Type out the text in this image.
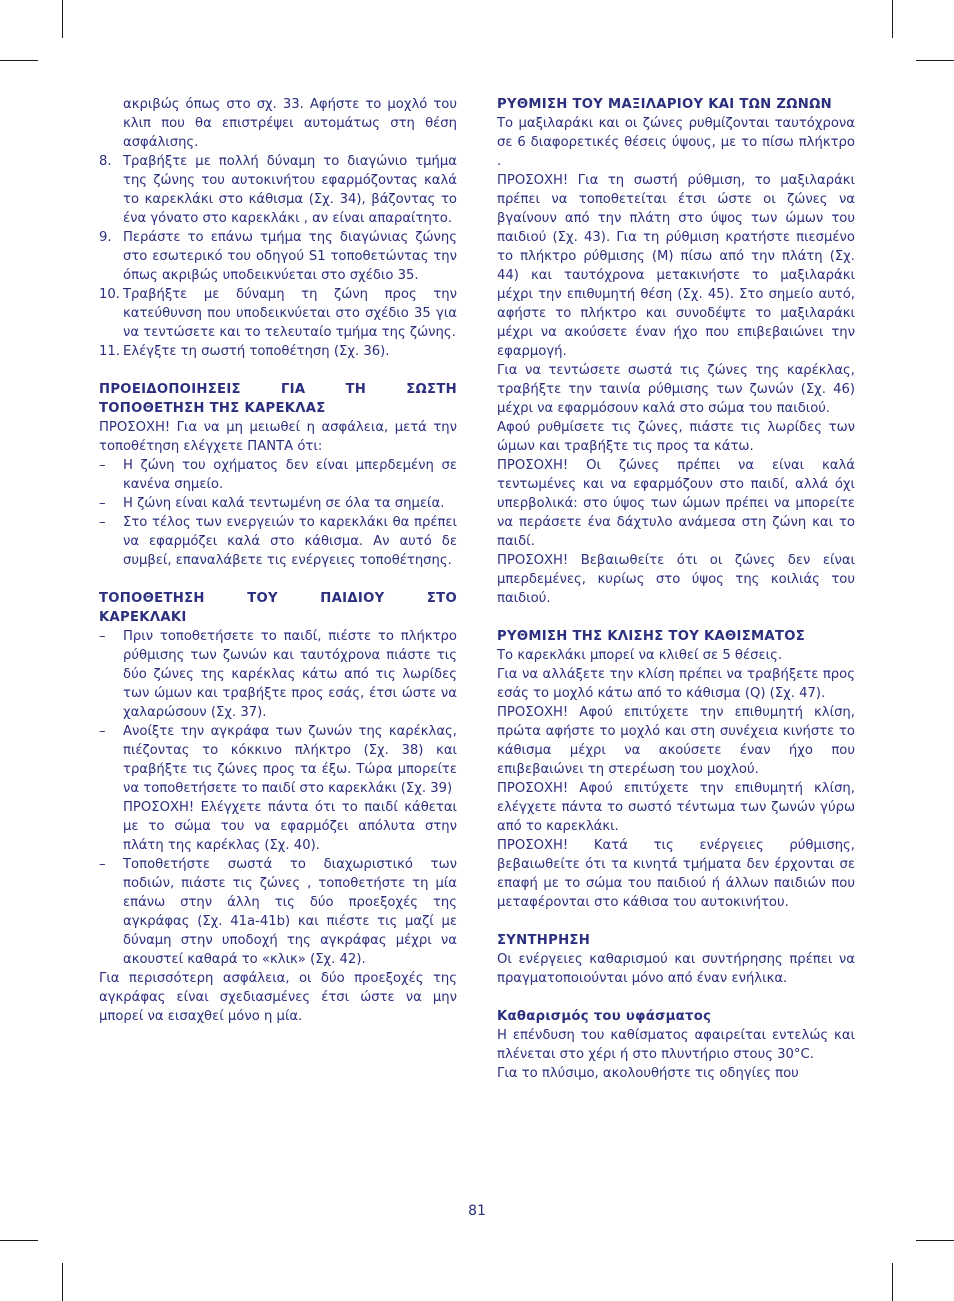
ακριβώς όπως στο σχ. 33. Αφήστε το μοχλό του κλιπ που θα επιστρέψει αυτομάτως στη θέση ασφάλισης.
8. Τραβήξτε με πολλή δύναμη το διαγώνιο τμήμα της ζώνης του αυτοκινήτου εφαρμόζοντας καλά το καρεκλάκι στο κάθισμα (Σχ. 34), βάζοντας το ένα γόνατο στο καρεκλάκι , αν είναι απαραίτητο.
9. Περάστε το επάνω τμήμα της διαγώνιας ζώνης στο εσωτερικό του οδηγού S1 τοποθετώντας την όπως ακριβώς υποδεικνύεται στο σχέδιο 35.
10. Τραβήξτε με δύναμη τη ζώνη προς την κατεύθυνση που υποδεικνύεται στο σχέδιο 35 για να τεντώσετε και το τελευταίο τμήμα της ζώνης.
11. Ελέγξτε τη σωστή τοποθέτηση (Σχ. 36).
ΠΡΟΕΙΔΟΠΟΙΗΣΕΙΣ ΓΙΑ ΤΗ ΣΩΣΤΗ
ΤΟΠΟΘΕΤΗΣΗ ΤΗΣ ΚΑΡΕΚΛΑΣ
ΠΡΟΣΟΧΗ! Για να μη μειωθεί η ασφάλεια, μετά την τοποθέτηση ελέγχετε ΠΑΝΤΑ ότι:
–	Η ζώνη του οχήματος δεν είναι μπερδεμένη σε κανένα σημείο.
–	Η ζώνη είναι καλά τεντωμένη σε όλα τα σημεία.
–	Στο τέλος των ενεργειών το καρεκλάκι θα πρέπει να εφαρμόζει καλά στο κάθισμα. Αν αυτό δε συμβεί, επαναλάβετε τις ενέργειες τοποθέτησης.
ΤΟΠΟΘΕΤΗΣΗ ΤΟΥ ΠΑΙΔΙΟΥ ΣΤΟ
ΚΑΡΕΚΛΑΚΙ
–	Πριν τοποθετήσετε το παιδί, πιέστε το πλήκτρο ρύθμισης των ζωνών και ταυτόχρονα πιάστε τις δύο ζώνες της καρέκλας κάτω από τις λωρίδες των ώμων και τραβήξτε προς εσάς, έτσι ώστε να χαλαρώσουν (Σχ. 37).
–	Ανοίξτε την αγκράφα των ζωνών της καρέκλας, πιέζοντας το κόκκινο πλήκτρο (Σχ. 38) και τραβήξτε τις ζώνες προς τα έξω. Τώρα μπορείτε να τοποθετήσετε το παιδί στο καρεκλάκι (Σχ. 39)
ΠΡΟΣΟΧΗ! Ελέγχετε πάντα ότι το παιδί κάθεται με το σώμα του να εφαρμόζει απόλυτα στην πλάτη της καρέκλας (Σχ. 40).
–	Τοποθετήστε σωστά το διαχωριστικό των ποδιών, πιάστε τις ζώνες , τοποθετήστε τη μία επάνω στην άλλη τις δύο προεξοχές της αγκράφας (Σχ. 41a-41b) και πιέστε τις μαζί με δύναμη στην υποδοχή της αγκράφας μέχρι να ακουστεί καθαρά το «κλικ» (Σχ. 42).
Για περισσότερη ασφάλεια, οι δύο προεξοχές της αγκράφας είναι σχεδιασμένες έτσι ώστε να μην μπορεί να εισαχθεί μόνο η μία.
ΡΥΘΜΙΣΗ ΤΟΥ ΜΑΞΙΛΑΡΙΟΥ ΚΑΙ ΤΩΝ ΖΩΝΩΝ
Το μαξιλαράκι και οι ζώνες ρυθμίζονται ταυτόχρονα σε 6 διαφορετικές θέσεις ύψους, με το πίσω πλήκτρο .
ΠΡΟΣΟΧΗ! Για τη σωστή ρύθμιση, το μαξιλαράκι πρέπει να τοποθετείται έτσι ώστε οι ζώνες να βγαίνουν από την πλάτη στο ύψος των ώμων του παιδιού (Σχ. 43). Για τη ρύθμιση κρατήστε πιεσμένο το πλήκτρο ρύθμισης (M) πίσω από την πλάτη (Σχ. 44) και ταυτόχρονα μετακινήστε το μαξιλαράκι μέχρι την επιθυμητή θέση (Σχ. 45). Στο σημείο αυτό, αφήστε το πλήκτρο και συνοδέψτε το μαξιλαράκι μέχρι να ακούσετε έναν ήχο που επιβεβαιώνει την εφαρμογή.
Για να τεντώσετε σωστά τις ζώνες της καρέκλας, τραβήξτε την ταινία ρύθμισης των ζωνών (Σχ. 46) μέχρι να εφαρμόσουν καλά στο σώμα του παιδιού.
Αφού ρυθμίσετε τις ζώνες, πιάστε τις λωρίδες των ώμων και τραβήξτε τις προς τα κάτω.
ΠΡΟΣΟΧΗ! Οι ζώνες πρέπει να είναι καλά τεντωμένες και να εφαρμόζουν στο παιδί, αλλά όχι υπερβολικά: στο ύψος των ώμων πρέπει να μπορείτε να περάσετε ένα δάχτυλο ανάμεσα στη ζώνη και το παιδί.
ΠΡΟΣΟΧΗ! Βεβαιωθείτε ότι οι ζώνες δεν είναι μπερδεμένες, κυρίως στο ύψος της κοιλιάς του παιδιού.
ΡΥΘΜΙΣΗ ΤΗΣ ΚΛΙΣΗΣ ΤΟΥ ΚΑΘΙΣΜΑΤΟΣ
Το καρεκλάκι μπορεί να κλιθεί σε 5 θέσεις.
Για να αλλάξετε την κλίση πρέπει να τραβήξετε προς εσάς το μοχλό κάτω από το κάθισμα (Q) (Σχ. 47).
ΠΡΟΣΟΧΗ! Αφού επιτύχετε την επιθυμητή κλίση, πρώτα αφήστε το μοχλό και στη συνέχεια κινήστε το κάθισμα μέχρι να ακούσετε έναν ήχο που επιβεβαιώνει τη στερέωση του μοχλού.
ΠΡΟΣΟΧΗ! Αφού επιτύχετε την επιθυμητή κλίση, ελέγχετε πάντα το σωστό τέντωμα των ζωνών γύρω από το καρεκλάκι.
ΠΡΟΣΟΧΗ! Κατά τις ενέργειες ρύθμισης, βεβαιωθείτε ότι τα κινητά τμήματα δεν έρχονται σε επαφή με το σώμα του παιδιού ή άλλων παιδιών που μεταφέρονται στο κάθισα του αυτοκινήτου.
ΣΥΝΤΗΡΗΣΗ
Οι ενέργειες καθαρισμού και συντήρησης πρέπει να πραγματοποιούνται μόνο από έναν ενήλικα.
Καθαρισμός του υφάσματος
Η επένδυση του καθίσματος αφαιρείται εντελώς και πλένεται στο χέρι ή στο πλυντήριο στους 30°C.
Για το πλύσιμο, ακολουθήστε τις οδηγίες που
81
